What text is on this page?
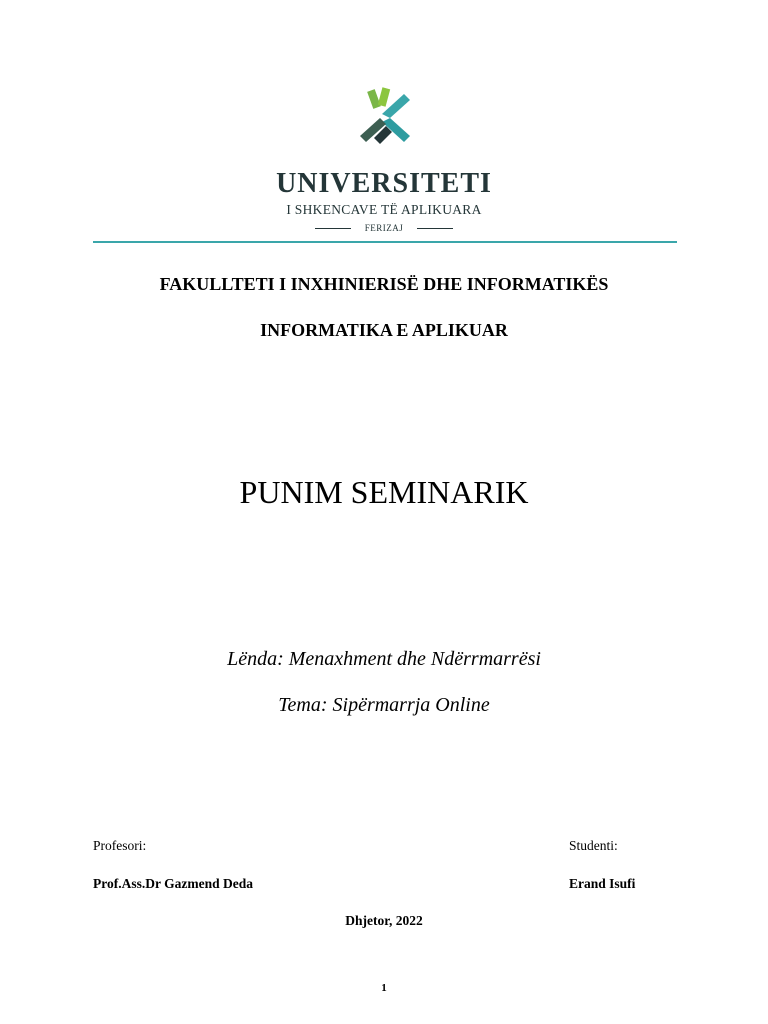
UNIVERSITETI
I SHKENCAVE TË APLIKUARA
FERIZAJ
FAKULLTETI I INXHINIERISË DHE INFORMATIKËS
INFORMATIKA E APLIKUAR
PUNIM SEMINARIK
Lënda: Menaxhment dhe Ndërrmarrësi
Tema: Sipërmarrja Online
Profesori:	Studenti:
Prof.Ass.Dr Gazmend Deda	Erand Isufi
Dhjetor, 2022
1
